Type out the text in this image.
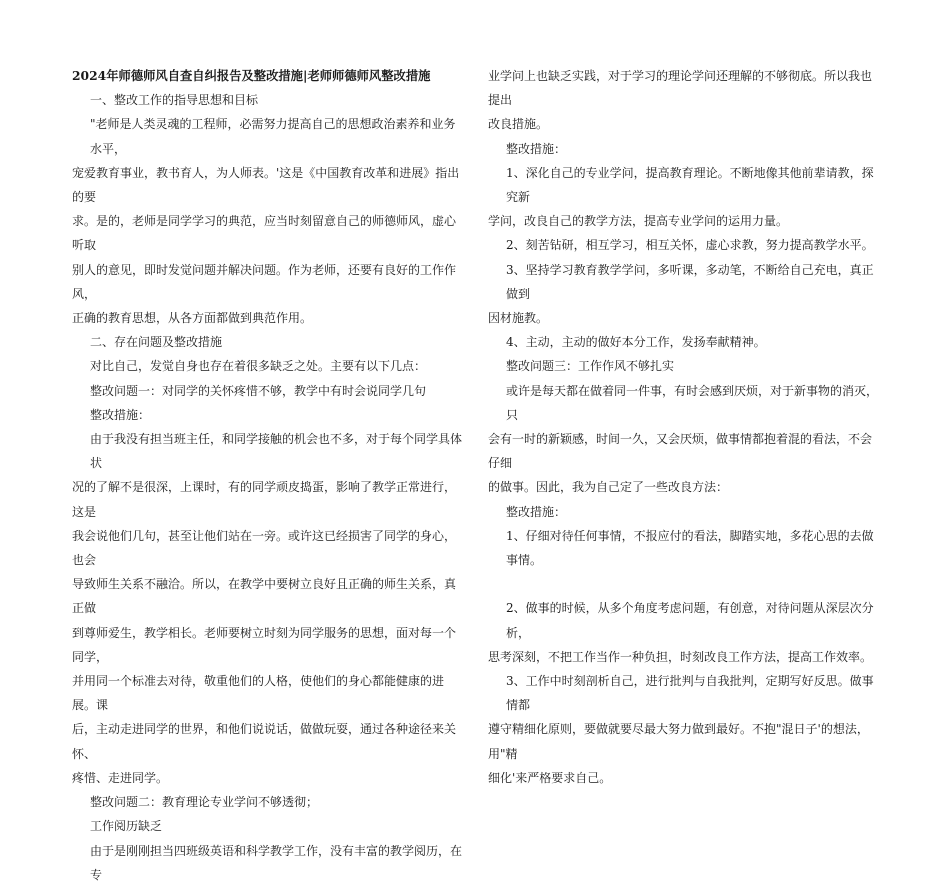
2024年师德师风自查自纠报告及整改措施|老师师德师风整改措施

一、整改工作的指导思想和目标

"老师是人类灵魂的工程师，必需努力提高自己的思想政治素养和业务水平，

宠爱教育事业，教书育人，为人师表。'这是《中国教育改革和进展》指出的要

求。是的，老师是同学学习的典范，应当时刻留意自己的师德师风，虚心听取

别人的意见，即时发觉问题并解决问题。作为老师，还要有良好的工作作风，

正确的教育思想，从各方面都做到典范作用。

二、存在问题及整改措施

对比自己，发觉自身也存在着很多缺乏之处。主要有以下几点：

整改问题一：对同学的关怀疼惜不够，教学中有时会说同学几句

整改措施：

由于我没有担当班主任，和同学接触的机会也不多，对于每个同学具体状

况的了解不是很深，上课时，有的同学顽皮捣蛋，影响了教学正常进行，这是

我会说他们几句，甚至让他们站在一旁。或许这已经损害了同学的身心，也会

导致师生关系不融洽。所以，在教学中要树立良好且正确的师生关系，真正做

到尊师爱生，教学相长。老师要树立时刻为同学服务的思想，面对每一个同学，

并用同一个标准去对待，敬重他们的人格，使他们的身心都能健康的进展。课

后，主动走进同学的世界，和他们说说话，做做玩耍，通过各种途径来关怀、

疼惜、走进同学。

整改问题二：教育理论专业学问不够透彻；

工作阅历缺乏

由于是刚刚担当四班级英语和科学教学工作，没有丰富的教学阅历，在专

业学问上也缺乏实践，对于学习的理论学问还理解的不够彻底。所以我也提出

改良措施。

整改措施：

1、深化自己的专业学问，提高教育理论。不断地像其他前辈请教，探究新

学问，改良自己的教学方法，提高专业学问的运用力量。

2、刻苦钻研，相互学习，相互关怀，虚心求教，努力提高教学水平。

3、坚持学习教育教学学问，多听课，多动笔，不断给自己充电，真正做到

因材施教。

4、主动，主动的做好本分工作，发扬奉献精神。

整改问题三：工作作风不够扎实

或许是每天都在做着同一件事，有时会感到厌烦，对于新事物的消灭，只

会有一时的新颖感，时间一久，又会厌烦，做事情都抱着混的看法，不会仔细

的做事。因此，我为自己定了一些改良方法：

整改措施：

1、仔细对待任何事情，不报应付的看法，脚踏实地，多花心思的去做事情。

2、做事的时候，从多个角度考虑问题，有创意，对待问题从深层次分析，

思考深刻，不把工作当作一种负担，时刻改良工作方法，提高工作效率。

3、工作中时刻剖析自己，进行批判与自我批判，定期写好反思。做事情都

遵守精细化原则，要做就要尽最大努力做到最好。不抱"混日子'的想法，用"精

细化'来严格要求自己。
